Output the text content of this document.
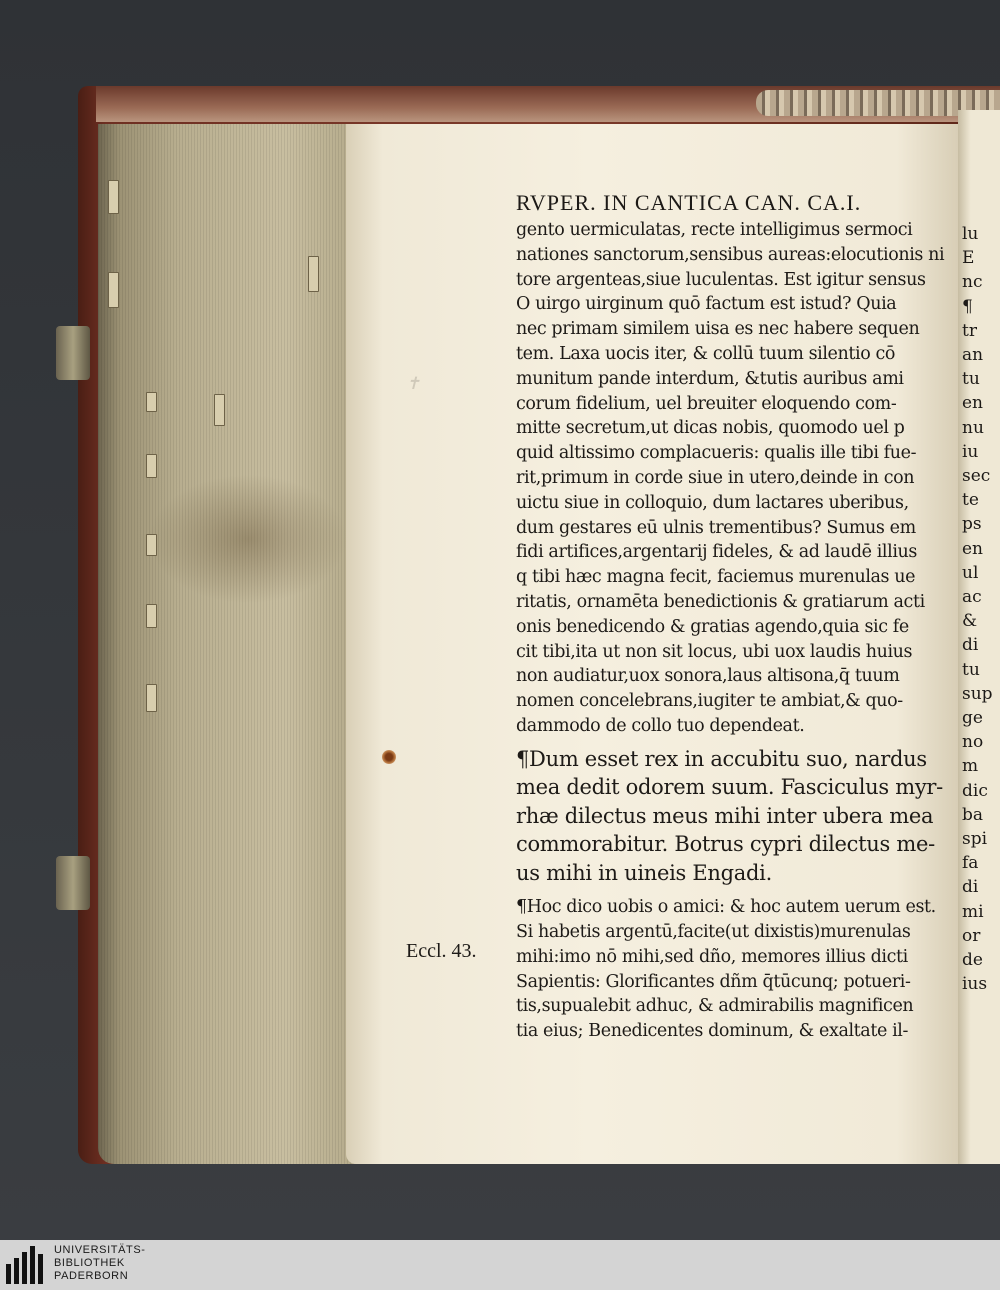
✝
RVPER. IN CANTICA CAN. CA.I.
gento uermiculatas, recte intelligimus sermoci
nationes sanctorum,sensibus aureas:elocutionis ni
tore argenteas,siue luculentas. Est igitur sensus
O uirgo uirginum quō factum est istud? Quia
nec primam similem uisa es nec habere sequen
tem. Laxa uocis iter, & collū tuum silentio cō
munitum pande interdum, &tutis auribus ami
corum fidelium, uel breuiter eloquendo com-
mitte secretum,ut dicas nobis, quomodo uel p
quid altissimo complacueris: qualis ille tibi fue-
rit,primum in corde siue in utero,deinde in con
uictu siue in colloquio, dum lactares uberibus,
dum gestares eū ulnis trementibus? Sumus em
fidi artifices,argentarij fideles, & ad laudē illius
q tibi hæc magna fecit, faciemus murenulas ue
ritatis, ornamēta benedictionis & gratiarum acti
onis benedicendo & gratias agendo,quia sic fe
cit tibi,ita ut non sit locus, ubi uox laudis huius
non audiatur,uox sonora,laus altisona,q̄ tuum
nomen concelebrans,iugiter te ambiat,& quo-
dammodo de collo tuo dependeat.
¶Dum esset rex in accubitu suo, nardus
mea dedit odorem suum. Fasciculus myr-
rhæ dilectus meus mihi inter ubera mea
commorabitur. Botrus cypri dilectus me-
us mihi in uineis Engadi.
¶Hoc dico uobis o amici: & hoc autem uerum est.
Si habetis argentū,facite(ut dixistis)murenulas
mihi:imo nō mihi,sed dño, memores illius dicti
Sapientis: Glorificantes dñm q̄tūcunq; potueri-
tis,supualebit adhuc, & admirabilis magnificen
tia eius; Benedicentes dominum, & exaltate il-
Eccl. 43.
lu
E
nc
¶
tr
an
tu
en
nu
iu
sec
te
ps
en
ul
ac
&
di
tu
sup
ge
no
m
dic
ba
spi
fa
di
mi
or
de
ius
UNIVERSITÄTS-
BIBLIOTHEK
PADERBORN
